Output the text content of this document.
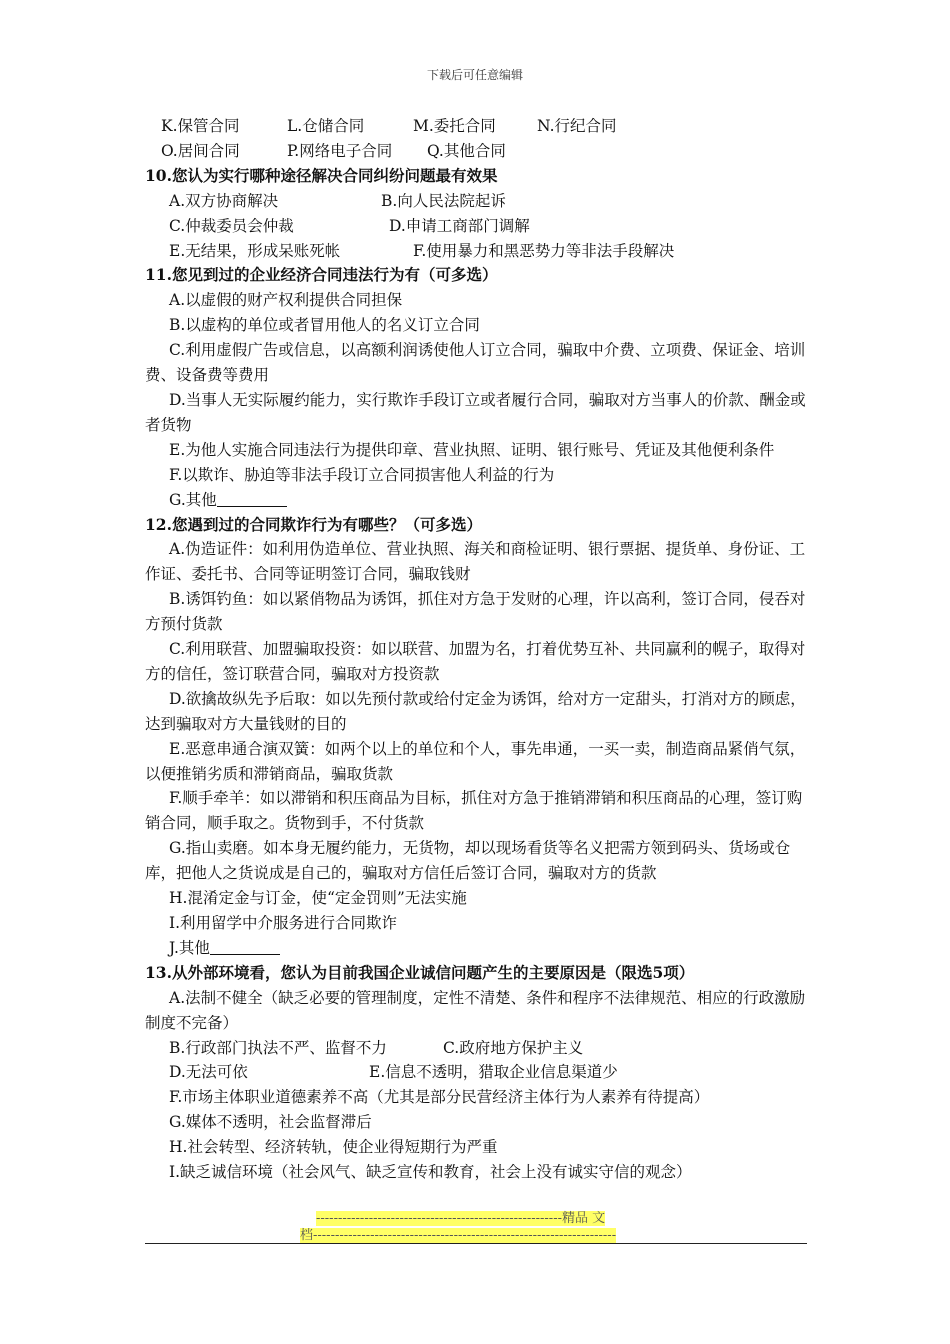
下载后可任意编辑
K.保管合同	L.仓储合同	M.委托合同	N.行纪合同
O.居间合同	P.网络电子合同 Q.其他合同
10.您认为实行哪种途径解决合同纠纷问题最有效果
A.双方协商解决	B.向人民法院起诉
C.仲裁委员会仲裁	D.申请工商部门调解
E.无结果，形成呆账死帐	F.使用暴力和黑恶势力等非法手段解决
11.您见到过的企业经济合同违法行为有（可多选）
A.以虚假的财产权利提供合同担保
B.以虚构的单位或者冒用他人的名义订立合同
C.利用虚假广告或信息，以高额利润诱使他人订立合同，骗取中介费、立项费、保证金、培训费、设备费等费用
D.当事人无实际履约能力，实行欺诈手段订立或者履行合同，骗取对方当事人的价款、酬金或者货物
E.为他人实施合同违法行为提供印章、营业执照、证明、银行账号、凭证及其他便利条件
F.以欺诈、胁迫等非法手段订立合同损害他人利益的行为
G.其他
12.您遇到过的合同欺诈行为有哪些？（可多选）
A.伪造证件：如利用伪造单位、营业执照、海关和商检证明、银行票据、提货单、身份证、工作证、委托书、合同等证明签订合同，骗取钱财
B.诱饵钓鱼：如以紧俏物品为诱饵，抓住对方急于发财的心理，许以高利，签订合同，侵吞对方预付货款
C.利用联营、加盟骗取投资：如以联营、加盟为名，打着优势互补、共同赢利的幌子，取得对方的信任，签订联营合同，骗取对方投资款
D.欲擒故纵先予后取：如以先预付款或给付定金为诱饵，给对方一定甜头，打消对方的顾虑，达到骗取对方大量钱财的目的
E.恶意串通合演双簧：如两个以上的单位和个人，事先串通，一买一卖，制造商品紧俏气氛，以便推销劣质和滞销商品，骗取货款
F.顺手牵羊：如以滞销和积压商品为目标，抓住对方急于推销滞销和积压商品的心理，签订购销合同，顺手取之。货物到手，不付货款
G.指山卖磨。如本身无履约能力，无货物，却以现场看货等名义把需方领到码头、货场或仓库，把他人之货说成是自己的，骗取对方信任后签订合同，骗取对方的货款
H.混淆定金与订金，使“定金罚则”无法实施
I.利用留学中介服务进行合同欺诈
J.其他
13.从外部环境看，您认为目前我国企业诚信问题产生的主要原因是（限选5项）
A.法制不健全（缺乏必要的管理制度，定性不清楚、条件和程序不法律规范、相应的行政激励制度不完备）
B.行政部门执法不严、监督不力	C.政府地方保护主义
D.无法可依	E.信息不透明，猎取企业信息渠道少
F.市场主体职业道德素养不高（尤其是部分民营经济主体行为人素养有待提高）
G.媒体不透明，社会监督滞后
H.社会转型、经济转轨，使企业得短期行为严重
I.缺乏诚信环境（社会风气、缺乏宣传和教育，社会上没有诚实守信的观念）
--------------------------------------------------------精品 文
档---------------------------------------------------------------------
